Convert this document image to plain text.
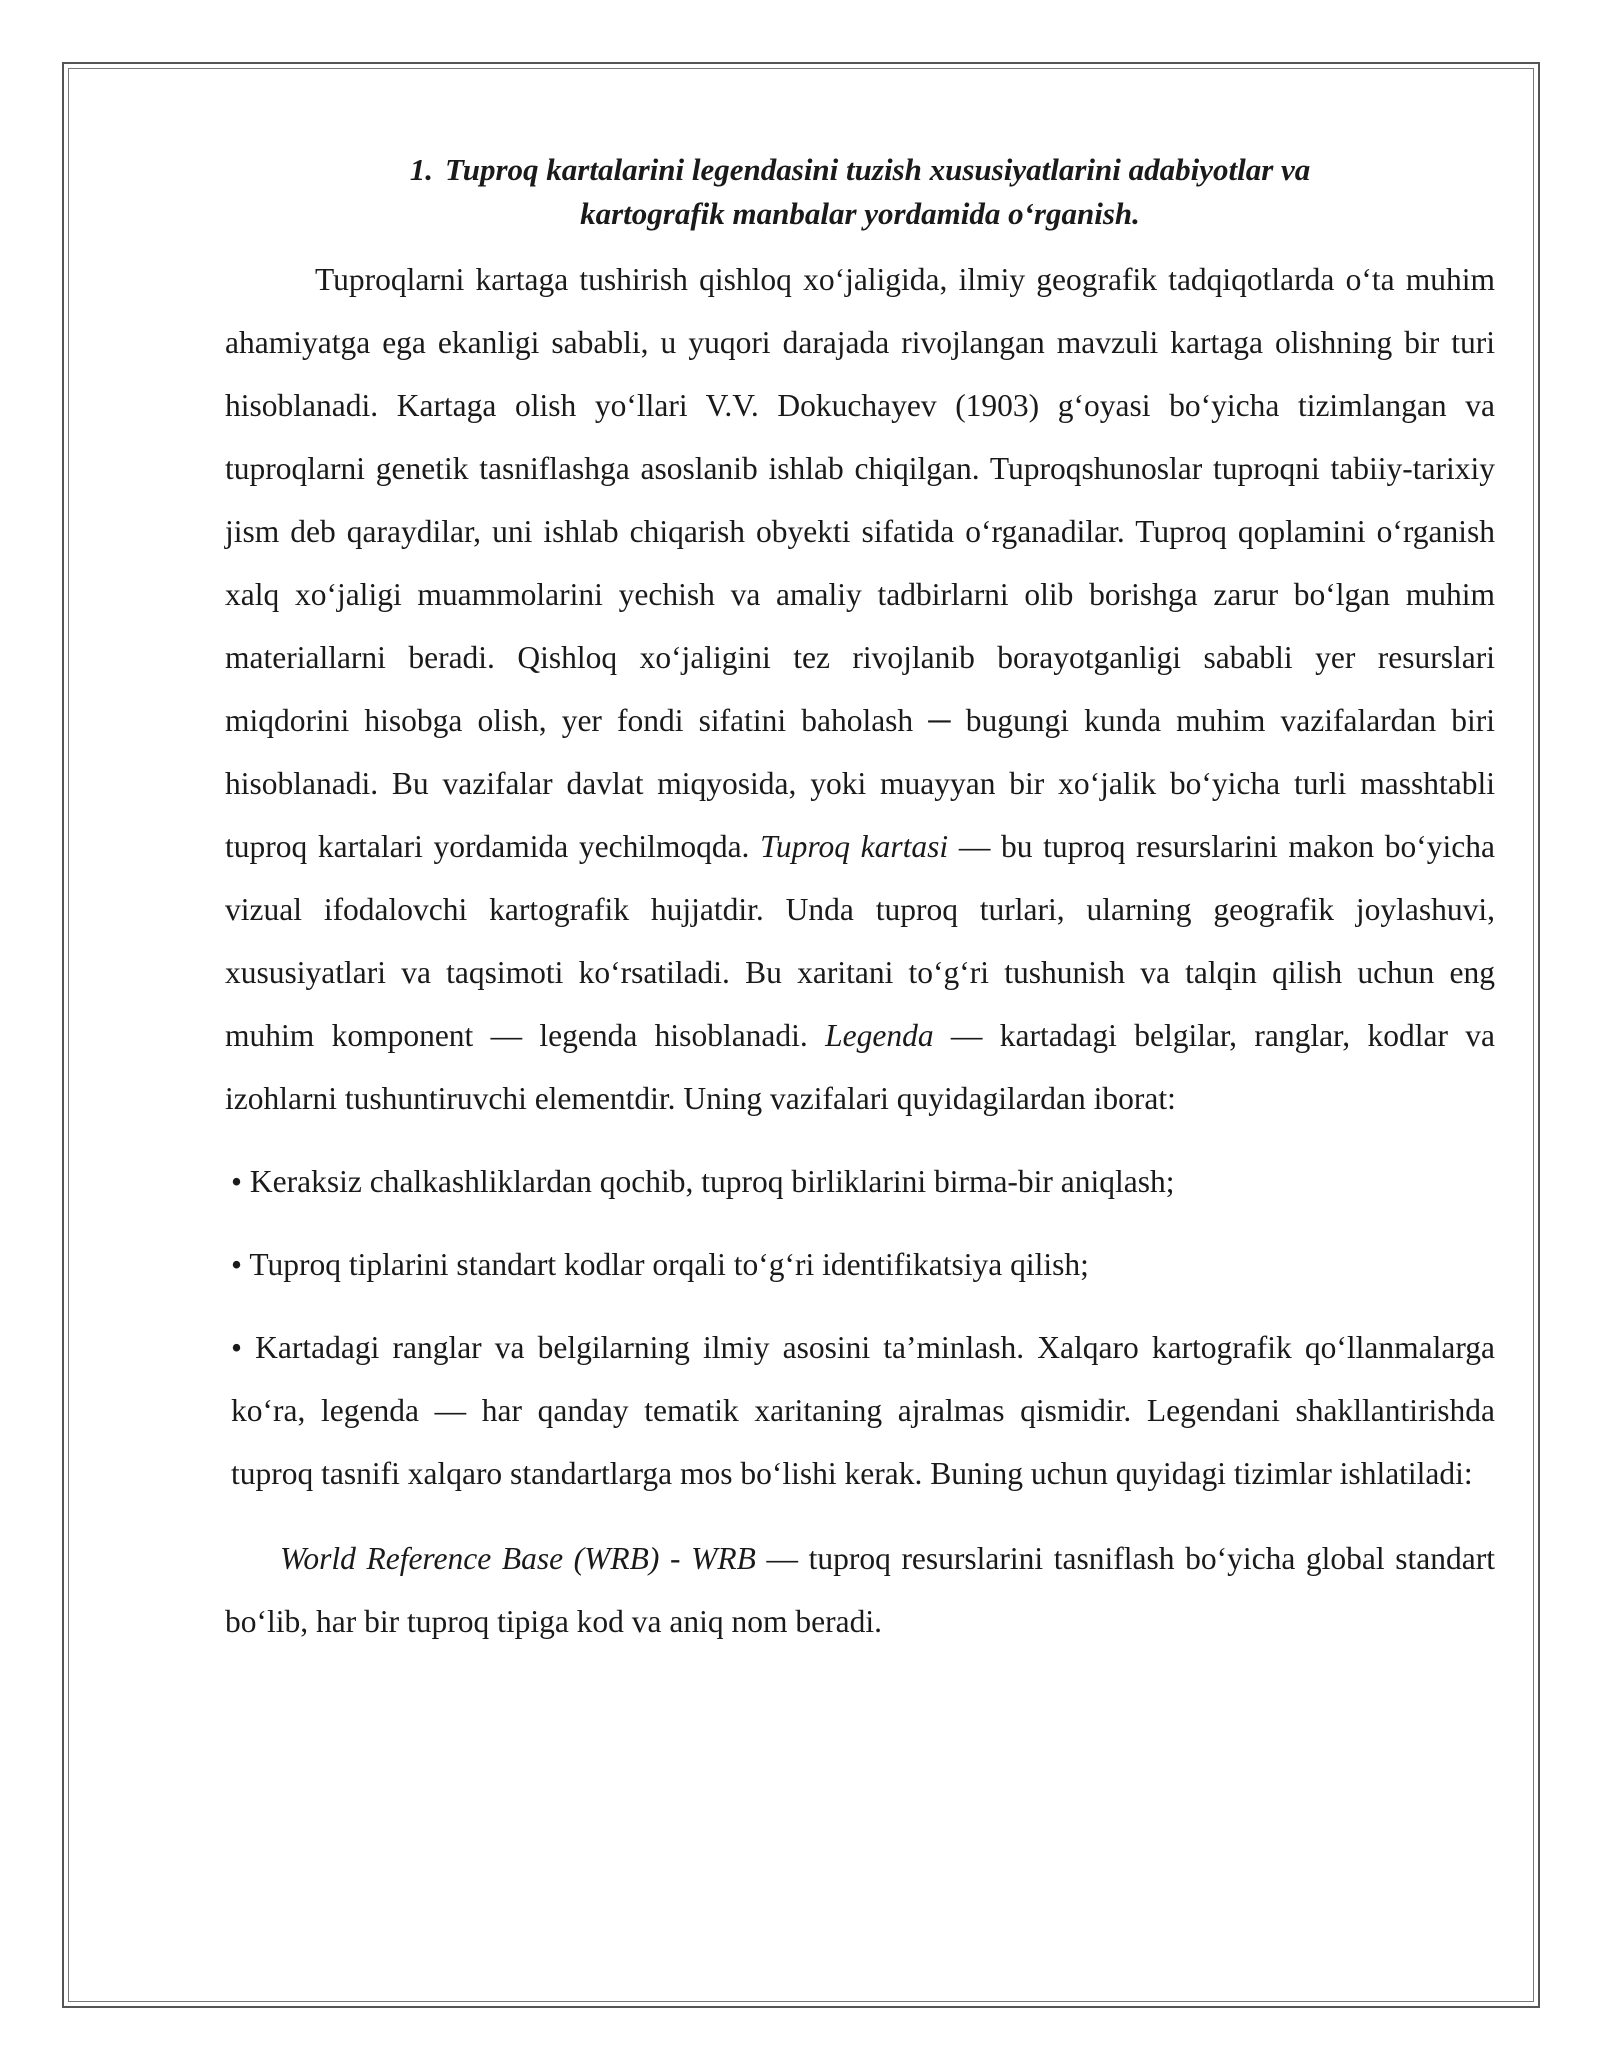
1. Tuproq kartalarini legendasini tuzish xususiyatlarini adabiyotlar va
kartografik manbalar yordamida o‘rganish.

Tuproqlarni kartaga tushirish qishloq xo‘jaligida, ilmiy geografik tadqiqotlarda o‘ta muhim ahamiyatga ega ekanligi sababli, u yuqori darajada rivojlangan mavzuli kartaga olishning bir turi hisoblanadi. Kartaga olish yo‘llari V.V. Dokuchayev (1903) g‘oyasi bo‘yicha tizimlangan va tuproqlarni genetik tasniflashga asoslanib ishlab chiqilgan. Tuproqshunoslar tuproqni tabiiy-tarixiy jism deb qaraydilar, uni ishlab chiqarish obyekti sifatida o‘rganadilar. Tuproq qoplamini o‘rganish xalq xo‘jaligi muammolarini yechish va amaliy tadbirlarni olib borishga zarur bo‘lgan muhim materiallarni beradi. Qishloq xo‘jaligini tez rivojlanib borayotganligi sababli yer resurslari miqdorini hisobga olish, yer fondi sifatini baholash ─ bugungi kunda muhim vazifalardan biri hisoblanadi. Bu vazifalar davlat miqyosida, yoki muayyan bir xo‘jalik bo‘yicha turli masshtabli tuproq kartalari yordamida yechilmoqda. Tuproq kartasi — bu tuproq resurslarini makon bo‘yicha vizual ifodalovchi kartografik hujjatdir. Unda tuproq turlari, ularning geografik joylashuvi, xususiyatlari va taqsimoti ko‘rsatiladi. Bu xaritani to‘g‘ri tushunish va talqin qilish uchun eng muhim komponent — legenda hisoblanadi. Legenda — kartadagi belgilar, ranglar, kodlar va izohlarni tushuntiruvchi elementdir. Uning vazifalari quyidagilardan iborat:

• Keraksiz chalkashliklardan qochib, tuproq birliklarini birma-bir aniqlash;

• Tuproq tiplarini standart kodlar orqali to‘g‘ri identifikatsiya qilish;

• Kartadagi ranglar va belgilarning ilmiy asosini ta’minlash. Xalqaro kartografik qo‘llanmalarga ko‘ra, legenda — har qanday tematik xaritaning ajralmas qismidir. Legendani shakllantirishda tuproq tasnifi xalqaro standartlarga mos bo‘lishi kerak. Buning uchun quyidagi tizimlar ishlatiladi:

World Reference Base (WRB) - WRB — tuproq resurslarini tasniflash bo‘yicha global standart bo‘lib, har bir tuproq tipiga kod va aniq nom beradi.
